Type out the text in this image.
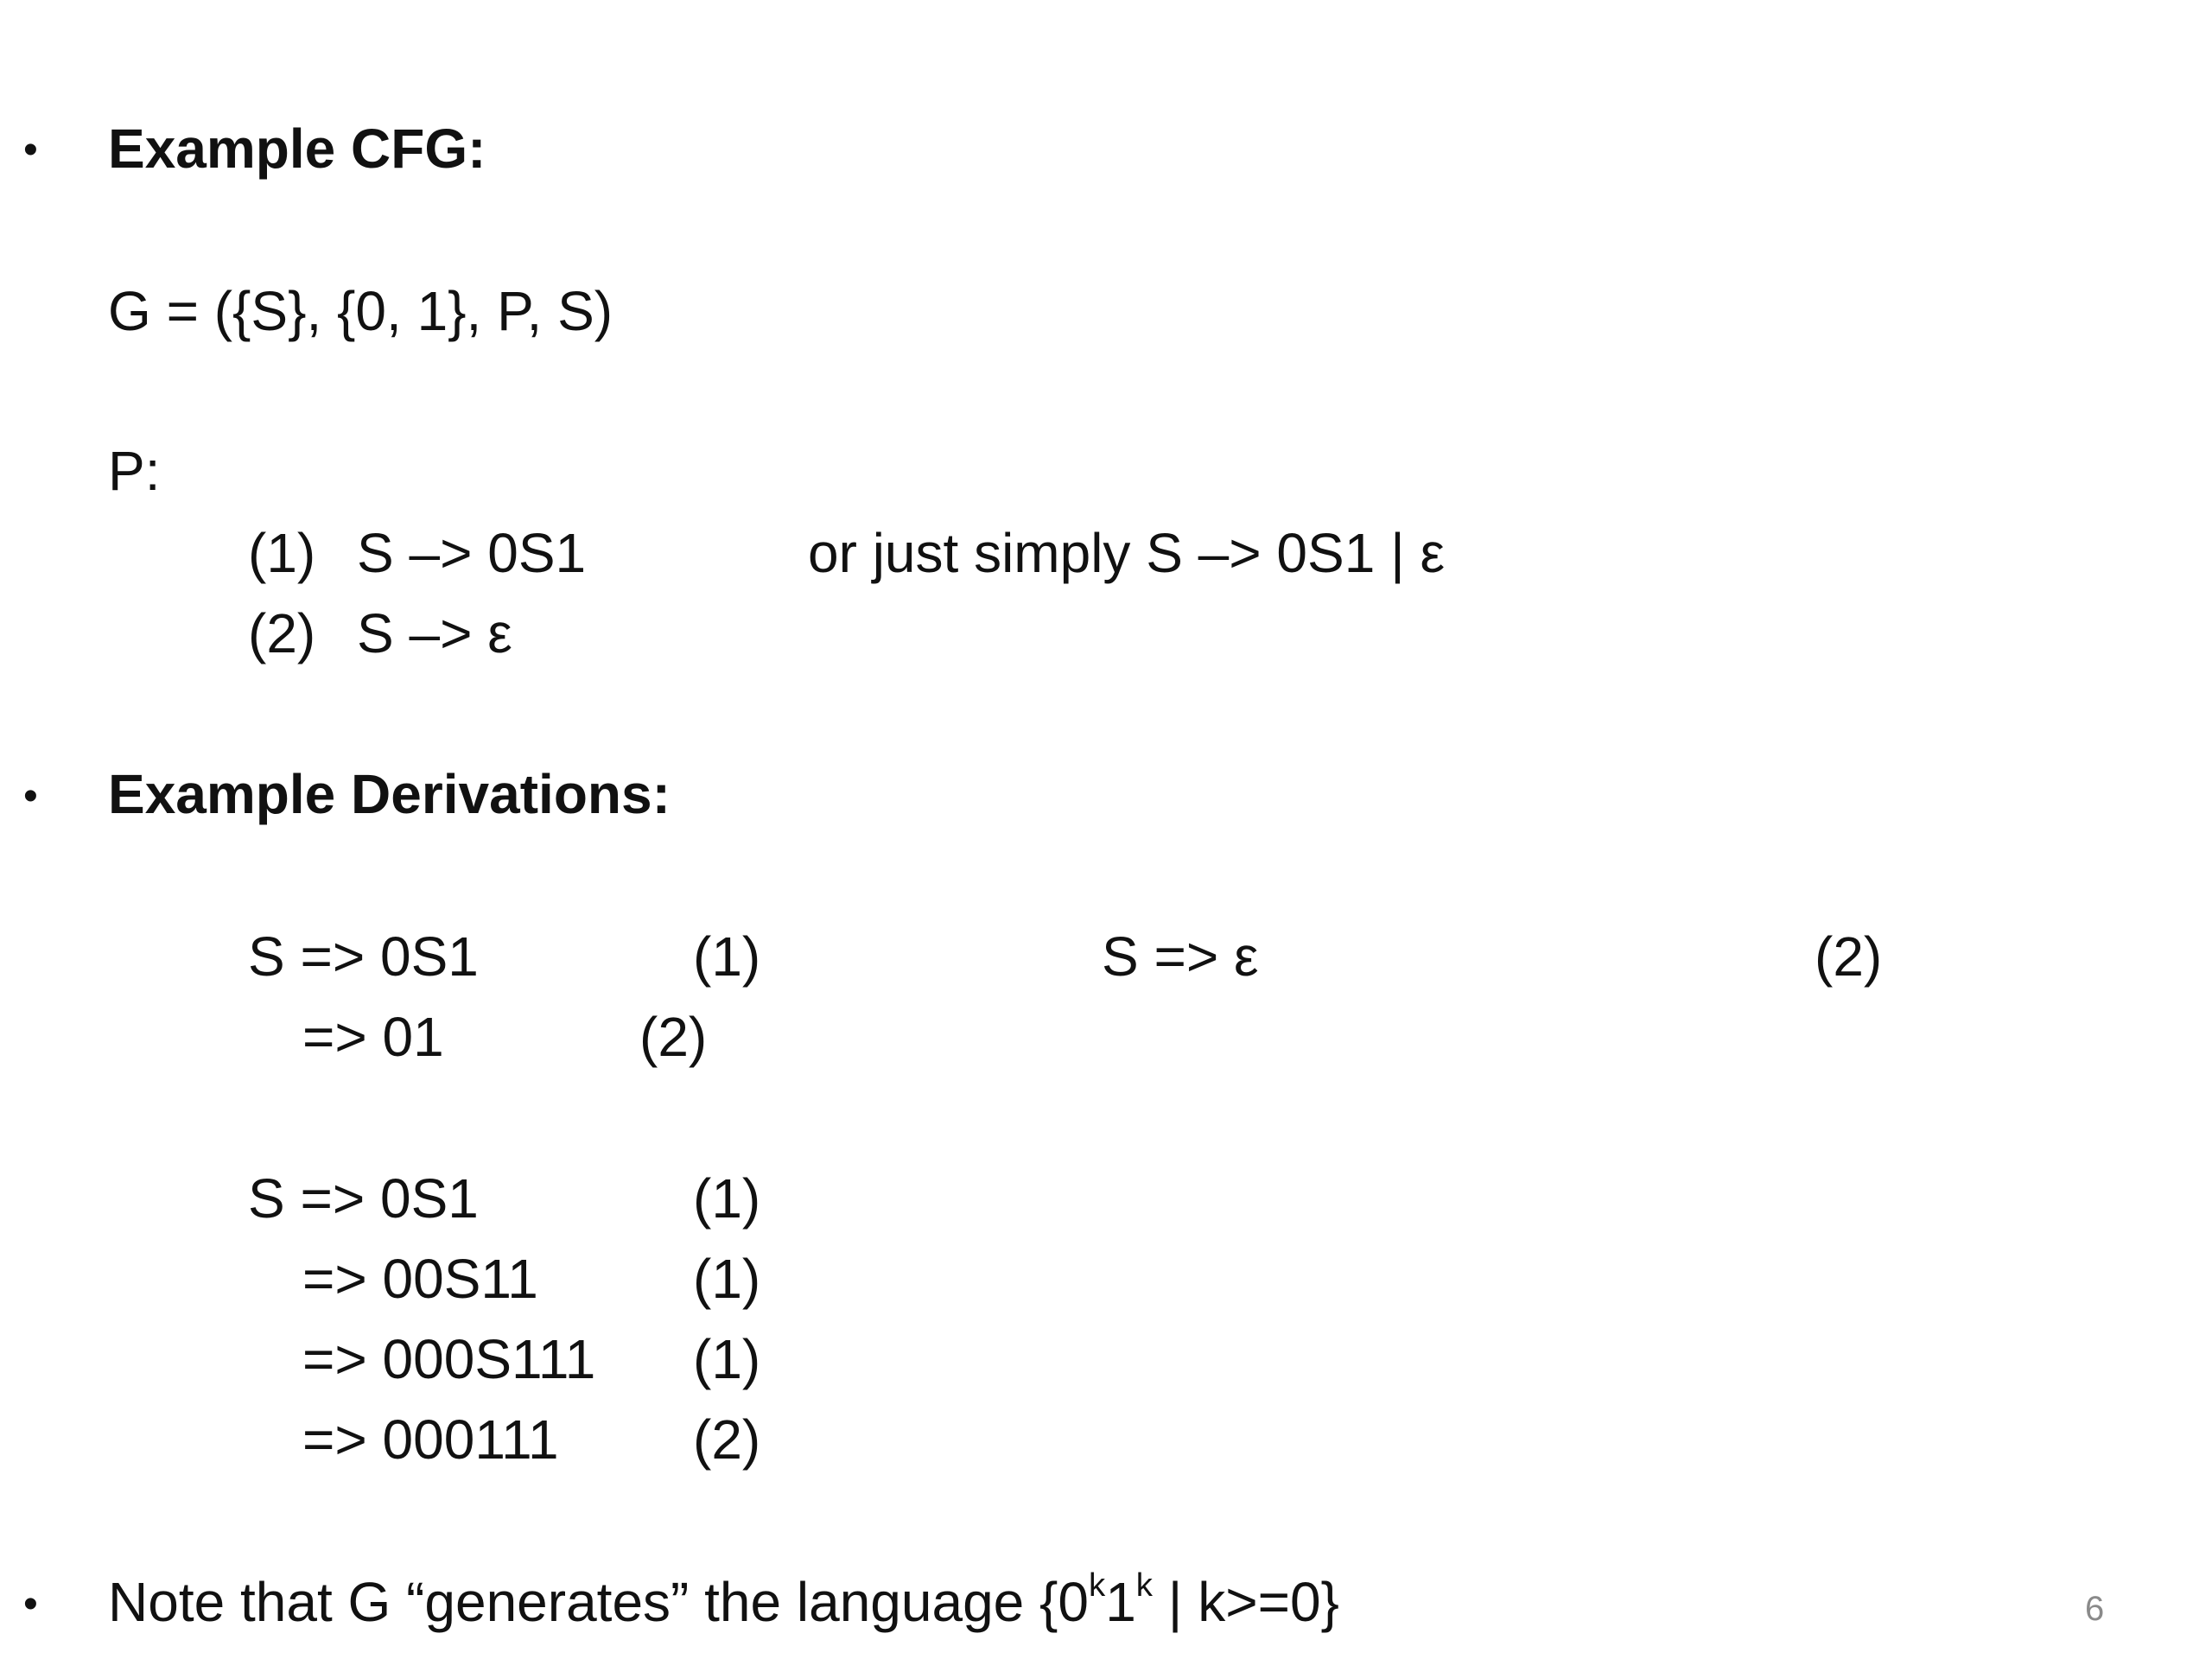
• Example CFG:
G = ({S}, {0, 1}, P, S)
P:
(1) S –> 0S1	or just simply S –> 0S1 | ε
(2) S –> ε
• Example Derivations:
S => 0S1	(1)
=> 01	(2)
S => ε	(2)
S => 0S1	(1)
=> 00S11	(1)
=> 000S111 (1)
=> 000111 (2)
• Note that G “generates” the language {0$^k$1$^k$ | k>=0}	6
